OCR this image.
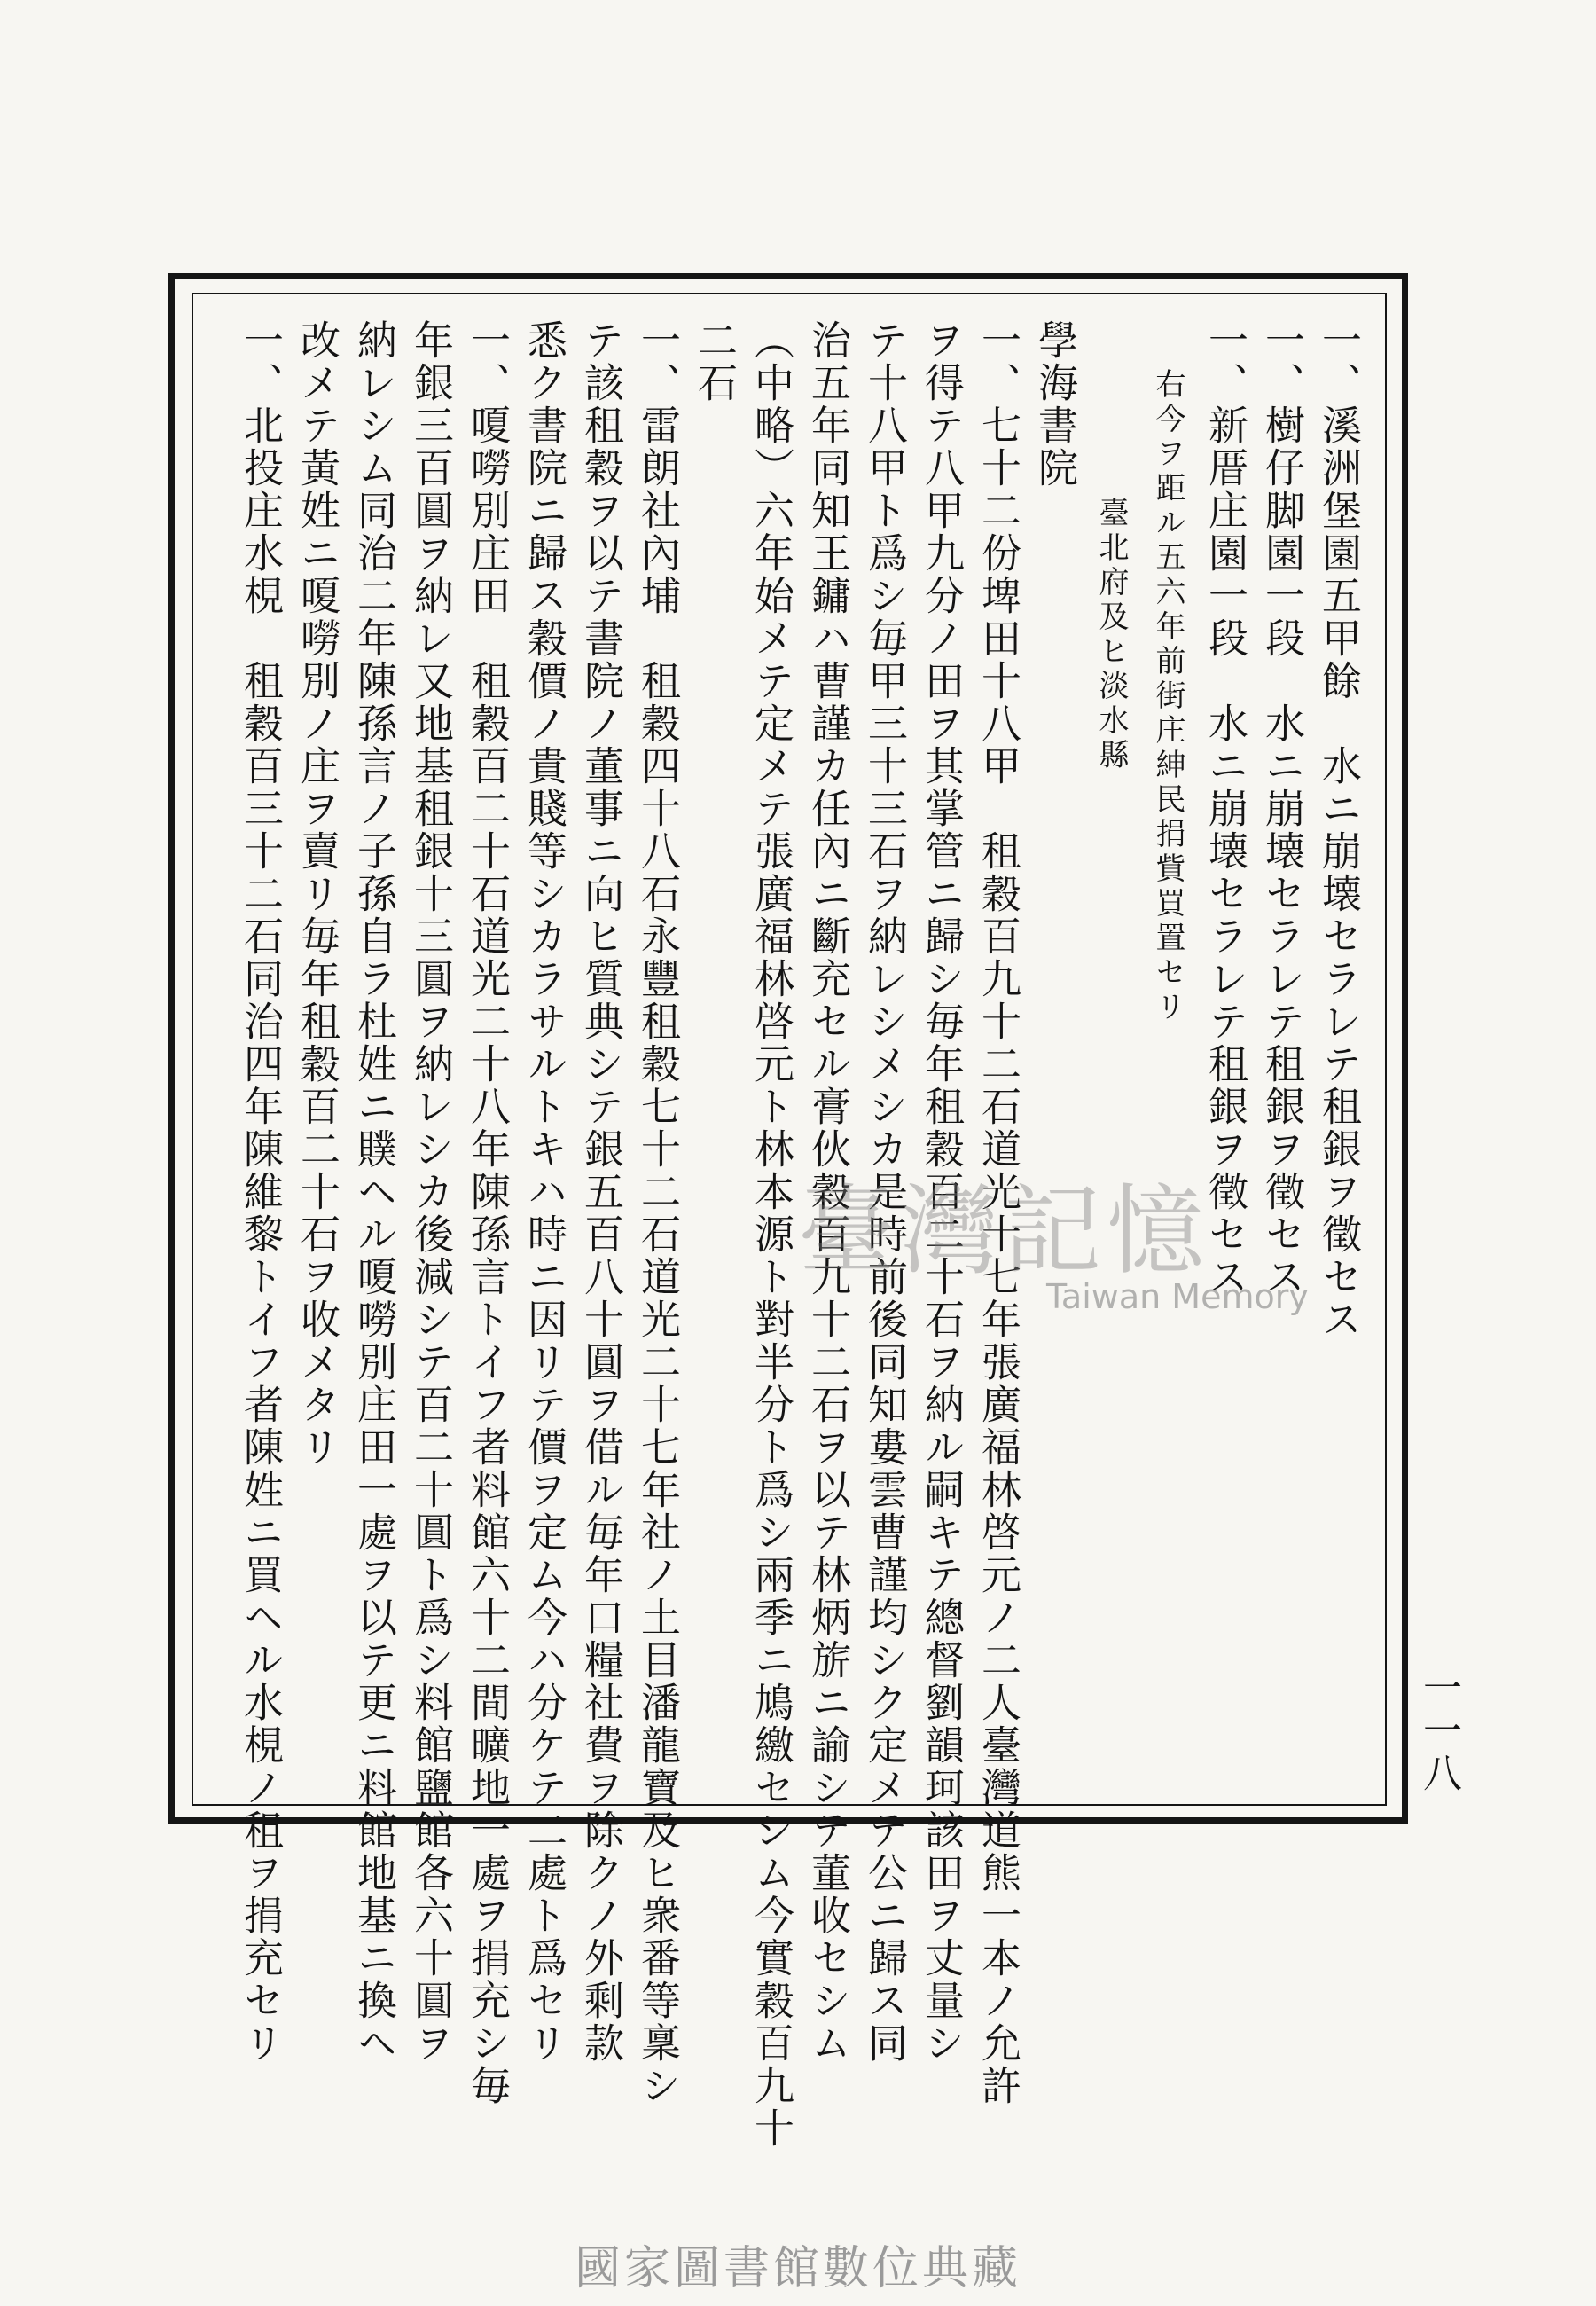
一、溪洲堡園五甲餘　水ニ崩壊セラレテ租銀ヲ徵セス
一、樹仔脚園一段　水ニ崩壊セラレテ租銀ヲ徵セス
一、新厝庄園一段　水ニ崩壊セラレテ租銀ヲ徵セス
右今ヲ距ル五六年前街庄紳民捐貲買置セリ
臺北府及ヒ淡水縣
學海書院
一、七十二份埤田十八甲　租穀百九十二石道光十七年張廣福林啓元ノ二人臺灣道熊一本ノ允許
ヲ得テ八甲九分ノ田ヲ其掌管ニ歸シ毎年租穀百二十石ヲ納ル嗣キテ總督劉韻珂該田ヲ丈量シ
テ十八甲ト爲シ毎甲三十三石ヲ納レシメシカ是時前後同知婁雲曹謹均シク定メテ公ニ歸ス同
治五年同知王鏞ハ曹謹カ任內ニ斷充セル膏伙穀百九十二石ヲ以テ林炳旂ニ諭シテ董收セシム
（中略）六年始メテ定メテ張廣福林啓元ト林本源ト對半分ト爲シ兩季ニ鳩繳セシム今實穀百九十
二石
一、雷朗社內埔　租穀四十八石永豐租穀七十二石道光二十七年社ノ土目潘龍寶及ヒ衆番等稟シ
テ該租穀ヲ以テ書院ノ董事ニ向ヒ質典シテ銀五百八十圓ヲ借ル毎年口糧社費ヲ除クノ外剩款
悉ク書院ニ歸ス穀價ノ貴賤等シカラサルトキハ時ニ因リテ價ヲ定ム今ハ分ケテ二處ト爲セリ
一、嗄嘮別庄田　租穀百二十石道光二十八年陳孫言トイフ者料館六十二間曠地一處ヲ捐充シ毎
年銀三百圓ヲ納レ又地基租銀十三圓ヲ納レシカ後減シテ百二十圓ト爲シ料館鹽館各六十圓ヲ
納レシム同治二年陳孫言ノ子孫自ラ杜姓ニ贌ヘル嗄嘮別庄田一處ヲ以テ更ニ料館地基ニ換ヘ
改メテ黃姓ニ嗄嘮別ノ庄ヲ賣リ毎年租穀百二十石ヲ收メタリ
一、北投庄水梘　租穀百三十二石同治四年陳維黎トイフ者陳姓ニ買ヘル水梘ノ租ヲ捐充セリ	一一八
臺灣記憶
Taiwan Memory
國家圖書館數位典藏
